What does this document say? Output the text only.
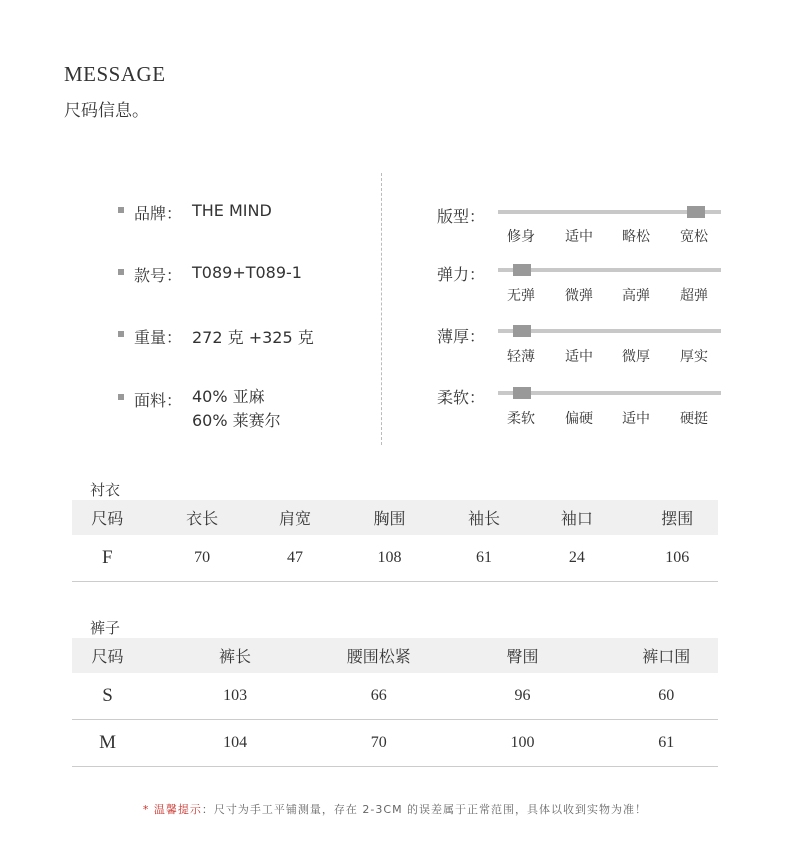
MESSAGE
尺码信息。
品牌： THE MIND
款号： T089+T089-1
重量： 272 克 +325 克
面料： 40% 亚麻
60% 莱赛尔
版型：
修身 适中 略松 宽松
弹力：
无弹 微弹 高弹 超弹
薄厚：
轻薄 适中 微厚 厚实
柔软：
柔软 偏硬 适中 硬挺
衬衣
尺码	衣长	肩宽	胸围	袖长	袖口	摆围
F	70	47	108	61	24	106
裤子
尺码	裤长	腰围松紧	臀围	裤口围
S	103	66	96	60
M	104	70	100	61
* 温馨提示：尺寸为手工平铺测量，存在 2-3CM 的误差属于正常范围，具体以收到实物为准！
